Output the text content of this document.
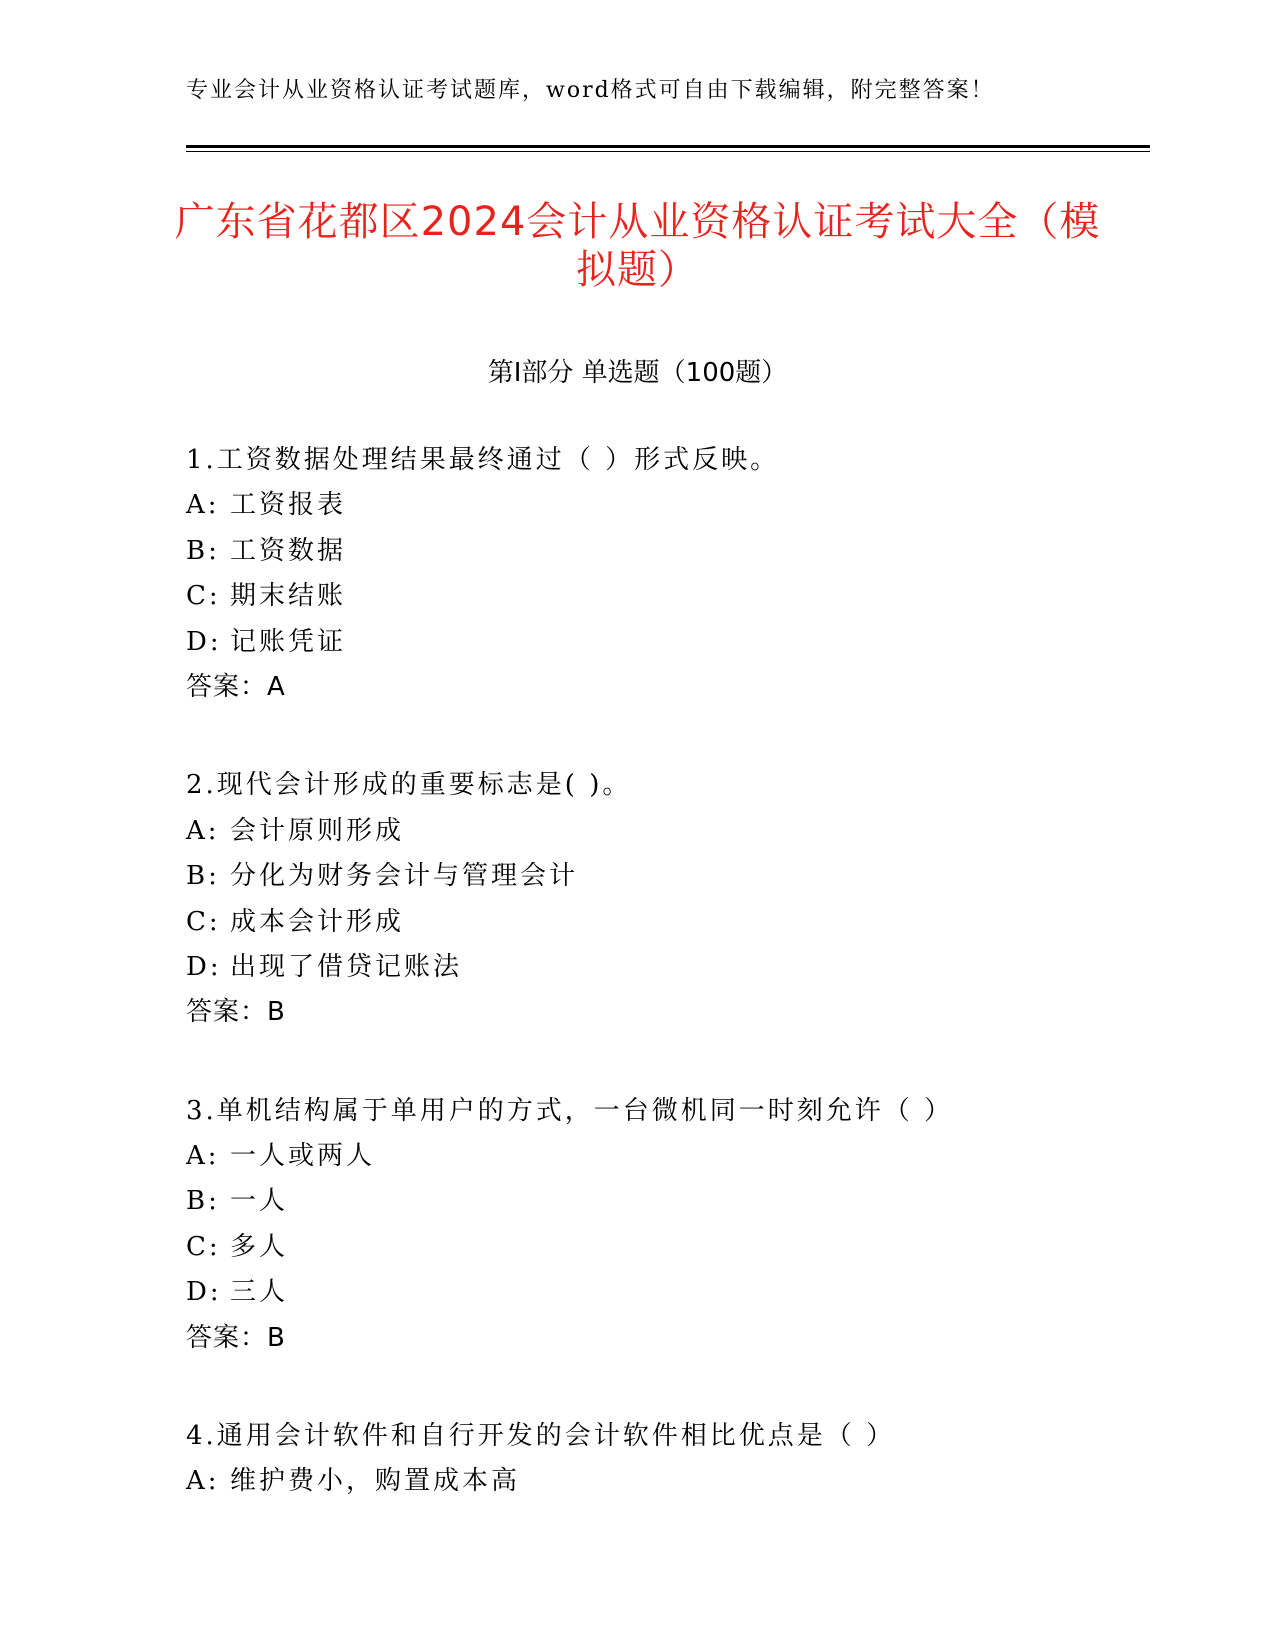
专业会计从业资格认证考试题库，word格式可自由下载编辑，附完整答案！
广东省花都区2024会计从业资格认证考试大全（模拟题）
第I部分 单选题（100题）
1.工资数据处理结果最终通过（ ）形式反映。
A: 工资报表
B: 工资数据
C: 期末结账
D: 记账凭证
答案：A
2.现代会计形成的重要标志是( )。
A: 会计原则形成
B: 分化为财务会计与管理会计
C: 成本会计形成
D: 出现了借贷记账法
答案：B
3.单机结构属于单用户的方式，一台微机同一时刻允许（ ）
A: 一人或两人
B: 一人
C: 多人
D: 三人
答案：B
4.通用会计软件和自行开发的会计软件相比优点是（ ）
A: 维护费小，购置成本高
